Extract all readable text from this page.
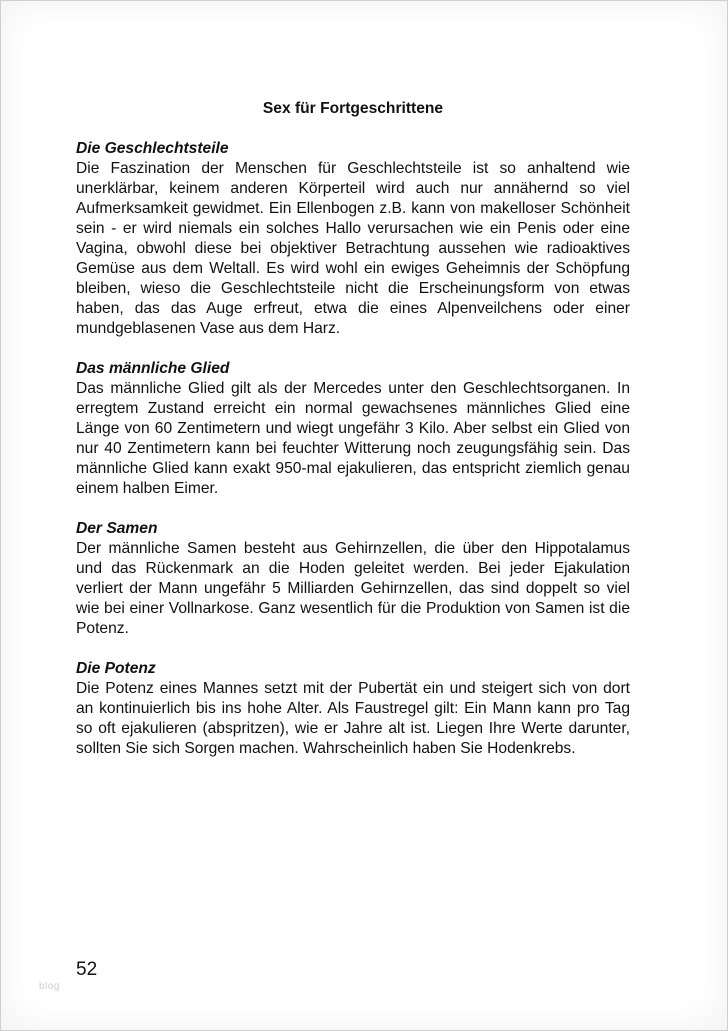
Sex für Fortgeschrittene

Die Geschlechtsteile

Die Faszination der Menschen für Geschlechtsteile ist so anhaltend wie unerklärbar, keinem anderen Körperteil wird auch nur annähernd so viel Aufmerksamkeit gewidmet. Ein Ellenbogen z.B. kann von makelloser Schönheit sein - er wird niemals ein solches Hallo verursachen wie ein Penis oder eine Vagina, obwohl diese bei objektiver Betrachtung aussehen wie radioaktives Gemüse aus dem Weltall. Es wird wohl ein ewiges Geheimnis der Schöpfung bleiben, wieso die Geschlechtsteile nicht die Erscheinungsform von etwas haben, das das Auge erfreut, etwa die eines Alpenveilchens oder einer mundgeblasenen Vase aus dem Harz.

Das männliche Glied

Das männliche Glied gilt als der Mercedes unter den Geschlechtsorganen. In erregtem Zustand erreicht ein normal gewachsenes männliches Glied eine Länge von 60 Zentimetern und wiegt ungefähr 3 Kilo. Aber selbst ein Glied von nur 40 Zentimetern kann bei feuchter Witterung noch zeugungsfähig sein. Das männliche Glied kann exakt 950-mal ejakulieren, das entspricht ziemlich genau einem halben Eimer.

Der Samen

Der männliche Samen besteht aus Gehirnzellen, die über den Hippotalamus und das Rückenmark an die Hoden geleitet werden. Bei jeder Ejakulation verliert der Mann ungefähr 5 Milliarden Gehirnzellen, das sind doppelt so viel wie bei einer Vollnarkose. Ganz wesentlich für die Produktion von Samen ist die Potenz.

Die Potenz

Die Potenz eines Mannes setzt mit der Pubertät ein und steigert sich von dort an kontinuierlich bis ins hohe Alter. Als Faustregel gilt: Ein Mann kann pro Tag so oft ejakulieren (abspritzen), wie er Jahre alt ist. Liegen Ihre Werte darunter, sollten Sie sich Sorgen machen. Wahrscheinlich haben Sie Hodenkrebs.

52
blog
